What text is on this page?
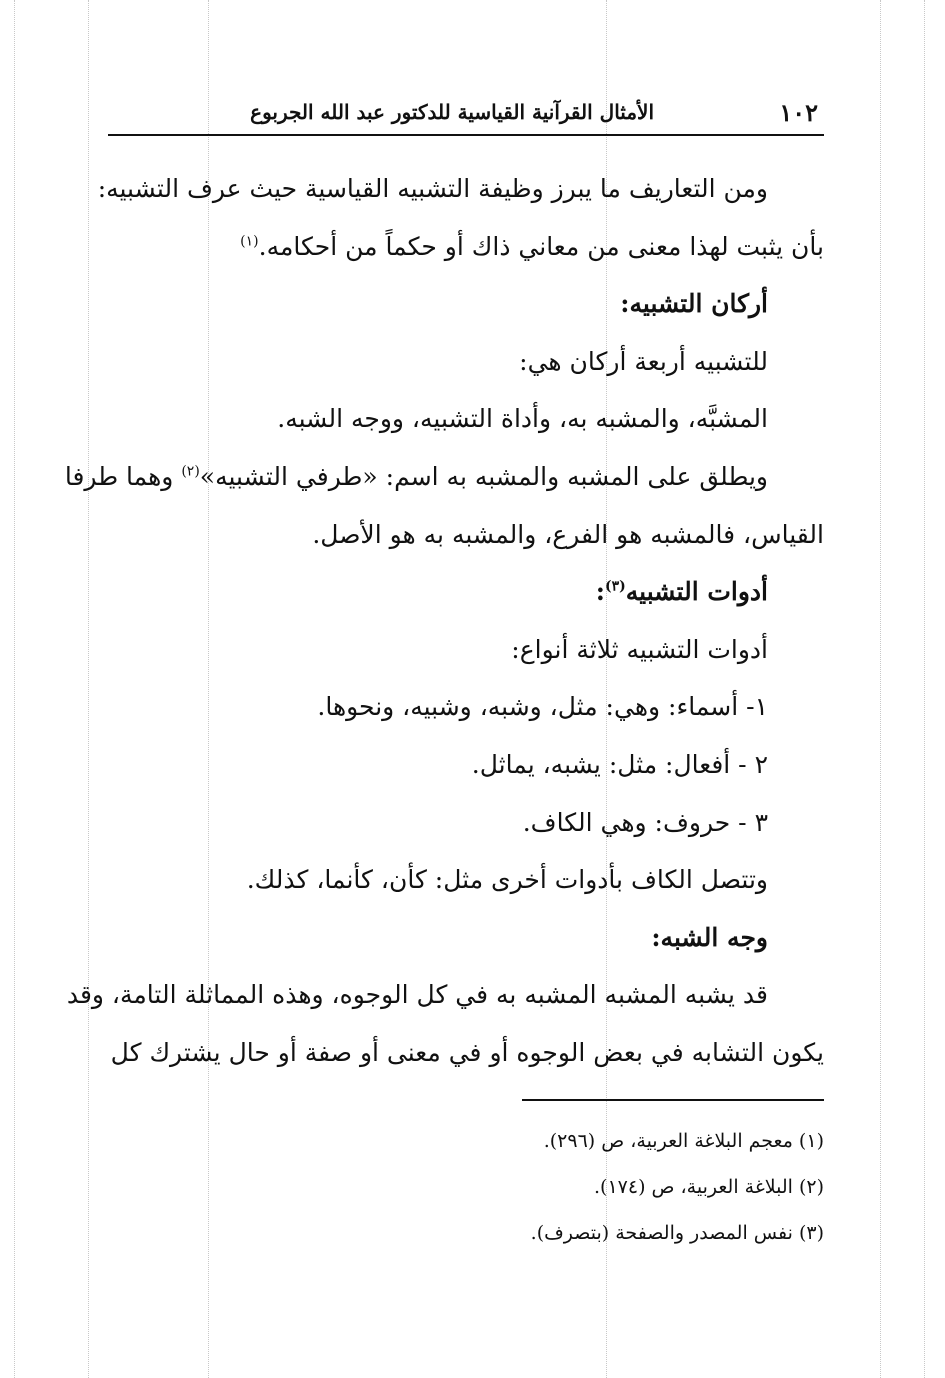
١٠٢
الأمثال القرآنية القياسية للدكتور عبد الله الجربوع
ومن التعاريف ما يبرز وظيفة التشبيه القياسية حيث عرف التشبيه:
بأن يثبت لهذا معنى من معاني ذاك أو حكماً من أحكامه.$^{(١)}$
أركان التشبيه:
للتشبيه أربعة أركان هي:
المشبَّه، والمشبه به، وأداة التشبيه، ووجه الشبه.
ويطلق على المشبه والمشبه به اسم: «طرفي التشبيه»$^{(٢)}$ وهما طرفا
القياس، فالمشبه هو الفرع، والمشبه به هو الأصل.
أدوات التشبيه$^{(٣)}$:
أدوات التشبيه ثلاثة أنواع:
١- أسماء: وهي: مثل، وشبه، وشبيه، ونحوها.
٢ - أفعال: مثل: يشبه، يماثل.
٣ - حروف: وهي الكاف.
وتتصل الكاف بأدوات أخرى مثل: كأن، كأنما، كذلك.
وجه الشبه:
قد يشبه المشبه المشبه به في كل الوجوه، وهذه المماثلة التامة، وقد
يكون التشابه في بعض الوجوه أو في معنى أو صفة أو حال يشترك كل
(١) معجم البلاغة العربية، ص (٢٩٦).
(٢) البلاغة العربية، ص (١٧٤).
(٣) نفس المصدر والصفحة (بتصرف).
